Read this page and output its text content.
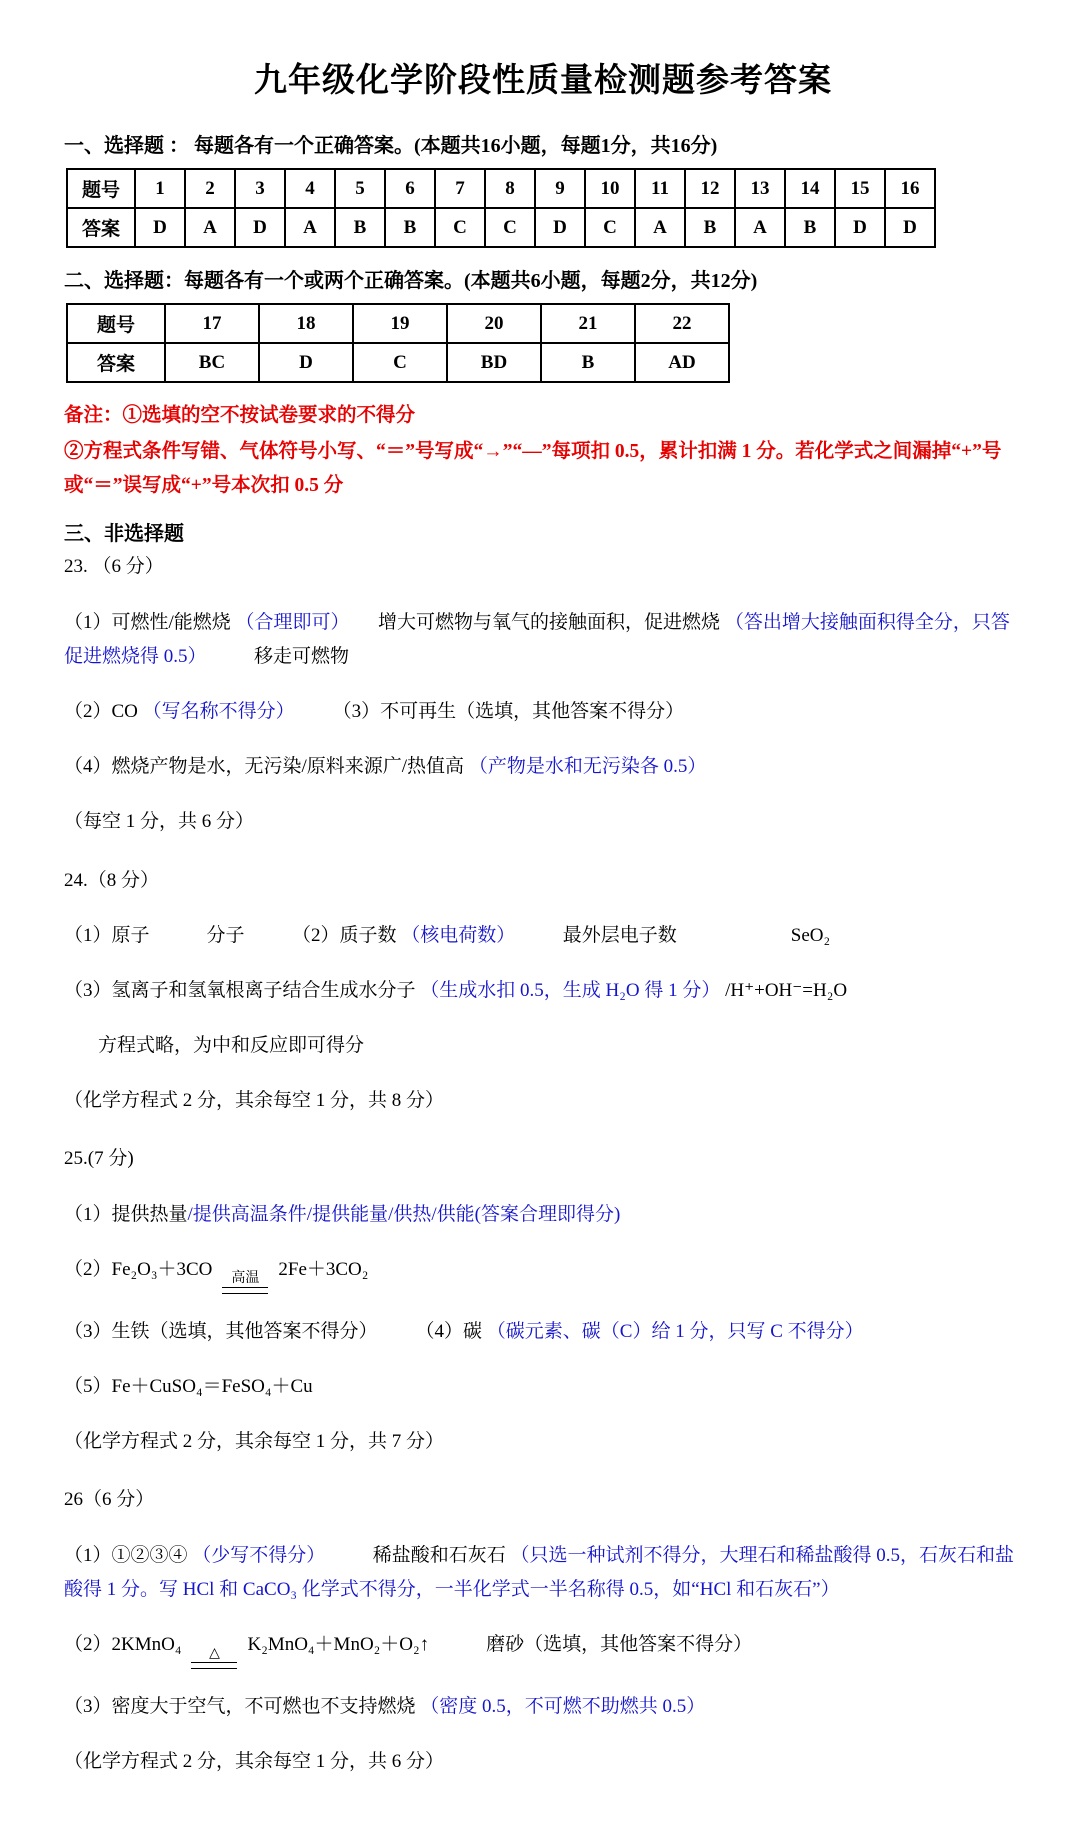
九年级化学阶段性质量检测题参考答案

一、选择题 ： 每题各有一个正确答案。(本题共16小题，每题1分，共16分)

题号	1	2	3	4	5	6	7	8	9	10	11	12	13	14	15	16
答案	D	A	D	A	B	B	C	C	D	C	A	B	A	B	D	D

二、选择题：每题各有一个或两个正确答案。(本题共6小题，每题2分，共12分)

题号	17	18	19	20	21	22
答案	BC	D	C	BD	B	AD

备注：①选填的空不按试卷要求的不得分

②方程式条件写错、气体符号小写、“＝”号写成“→”“—”每项扣 0.5，累计扣满 1 分。若化学式之间漏掉“+”号或“＝”误写成“+”号本次扣 0.5 分

三、非选择题

23. （6 分）

（1）可燃性/能燃烧 （合理即可）　　增大可燃物与氧气的接触面积，促进燃烧 （答出增大接触面积得全分，只答促进燃烧得 0.5）　　　移走可燃物

（2）CO （写名称不得分）　　　（3）不可再生（选填，其他答案不得分）

（4）燃烧产物是水，无污染/原料来源广/热值高 （产物是水和无污染各 0.5）

（每空 1 分，共 6 分）

24.（8 分）

（1）原子　　　分子　　　（2）质子数 （核电荷数）　　　最外层电子数　　　　　　SeO₂

（3）氢离子和氢氧根离子结合生成水分子 （生成水扣 0.5，生成 H₂O 得 1 分） /H⁺+OH⁻=H₂O

方程式略，为中和反应即可得分

（化学方程式 2 分，其余每空 1 分，共 8 分）

25.(7 分)

（1）提供热量/提供高温条件/提供能量/供热/供能(答案合理即得分)

（2）Fe₂O₃＋3CO	高温	2Fe＋3CO₂

（3）生铁（选填，其他答案不得分）　　　（4）碳 （碳元素、碳（C）给 1 分，只写 C 不得分）

（5）Fe＋CuSO₄＝FeSO₄＋Cu

（化学方程式 2 分，其余每空 1 分，共 7 分）

26（6 分）

（1）①②③④ （少写不得分）　　　稀盐酸和石灰石 （只选一种试剂不得分，大理石和稀盐酸得 0.5，石灰石和盐酸得 1 分。写 HCl 和 CaCO₃ 化学式不得分，一半化学式一半名称得 0.5，如“HCl 和石灰石”）

（2）2KMnO₄	△	K₂MnO₄＋MnO₂＋O₂↑　　　磨砂（选填，其他答案不得分）

（3）密度大于空气，不可燃也不支持燃烧 （密度 0.5，不可燃不助燃共 0.5）

（化学方程式 2 分，其余每空 1 分，共 6 分）
